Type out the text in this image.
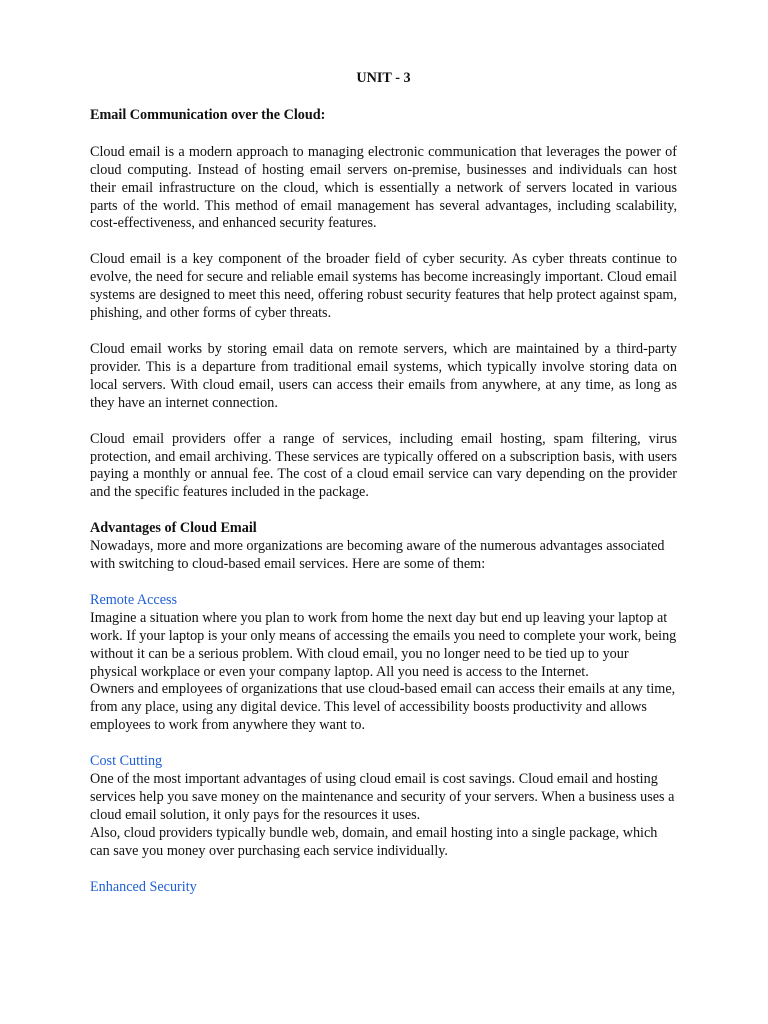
UNIT - 3

Email Communication over the Cloud:

Cloud email is a modern approach to managing electronic communication that leverages the power of cloud computing. Instead of hosting email servers on-premise, businesses and individuals can host their email infrastructure on the cloud, which is essentially a network of servers located in various parts of the world. This method of email management has several advantages, including scalability, cost-effectiveness, and enhanced security features.

Cloud email is a key component of the broader field of cyber security. As cyber threats continue to evolve, the need for secure and reliable email systems has become increasingly important. Cloud email systems are designed to meet this need, offering robust security features that help protect against spam, phishing, and other forms of cyber threats.

Cloud email works by storing email data on remote servers, which are maintained by a third-party provider. This is a departure from traditional email systems, which typically involve storing data on local servers. With cloud email, users can access their emails from anywhere, at any time, as long as they have an internet connection.

Cloud email providers offer a range of services, including email hosting, spam filtering, virus protection, and email archiving. These services are typically offered on a subscription basis, with users paying a monthly or annual fee. The cost of a cloud email service can vary depending on the provider and the specific features included in the package.

Advantages of Cloud Email

Nowadays, more and more organizations are becoming aware of the numerous advantages associated with switching to cloud-based email services. Here are some of them:

Remote Access

Imagine a situation where you plan to work from home the next day but end up leaving your laptop at work. If your laptop is your only means of accessing the emails you need to complete your work, being without it can be a serious problem. With cloud email, you no longer need to be tied up to your physical workplace or even your company laptop. All you need is access to the Internet.

Owners and employees of organizations that use cloud-based email can access their emails at any time, from any place, using any digital device. This level of accessibility boosts productivity and allows employees to work from anywhere they want to.

Cost Cutting

One of the most important advantages of using cloud email is cost savings. Cloud email and hosting services help you save money on the maintenance and security of your servers. When a business uses a cloud email solution, it only pays for the resources it uses.

Also, cloud providers typically bundle web, domain, and email hosting into a single package, which can save you money over purchasing each service individually.

Enhanced Security
